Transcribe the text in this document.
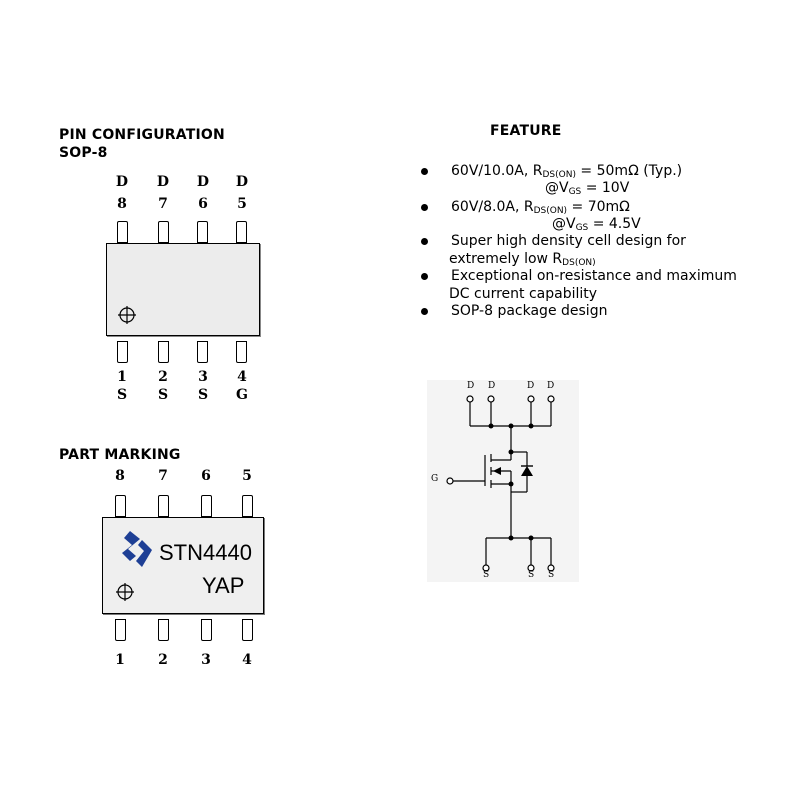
PIN CONFIGURATION
SOP-8
D	D	D	D
8	7	6	5
1	2	3	4
S	S	S	G
PART MARKING
8	7	6	5
STN4440
YAP
1	2	3	4
FEATURE
60V/10.0A, $R_{DS(ON)} = 50m\Omega$ (Typ.)
$@V_{GS} = 10V$
60V/8.0A, $R_{DS(ON)} = 70m\Omega$
$@V_{GS} = 4.5V$
Super high density cell design for
extremely low $R_{DS(ON)}$
Exceptional on-resistance and maximum
DC current capability
SOP-8 package design
D D	D D
G
S	S S
